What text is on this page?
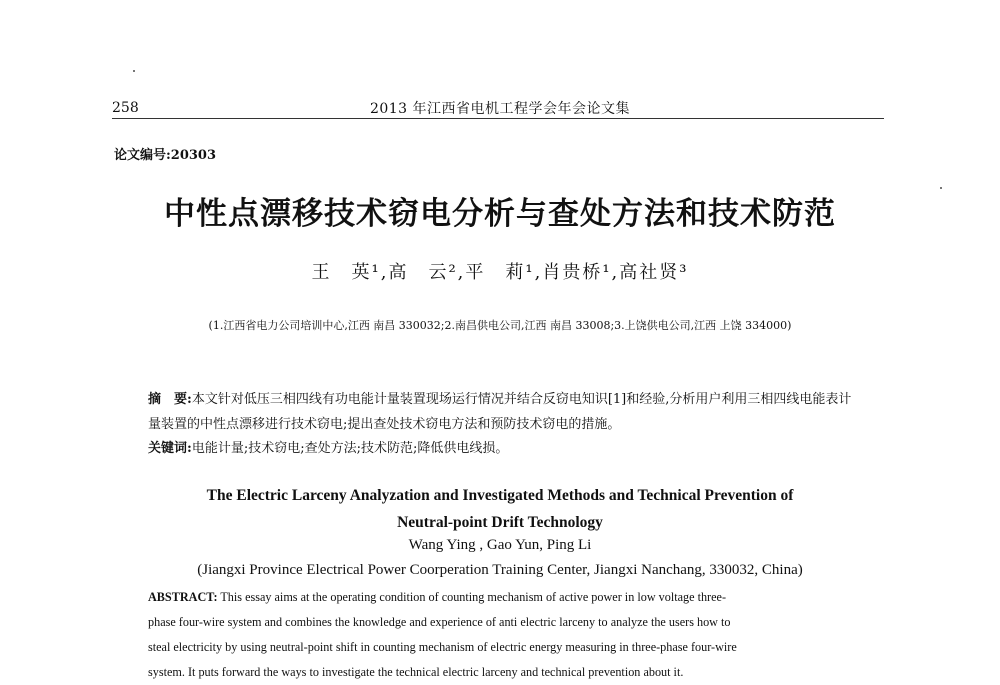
258	2013 年江西省电机工程学会年会论文集
论文编号:20303
中性点漂移技术窃电分析与查处方法和技术防范
王　英¹,高　云²,平　莉¹,肖贵桥¹,高社贤³
(1.江西省电力公司培训中心,江西 南昌 330032;2.南昌供电公司,江西 南昌 33008;3.上饶供电公司,江西 上饶 334000)
摘　要:本文针对低压三相四线有功电能计量装置现场运行情况并结合反窃电知识[1]和经验,分析用户利用三相四线电能表计量装置的中性点漂移进行技术窃电;提出查处技术窃电方法和预防技术窃电的措施。
关键词:电能计量;技术窃电;查处方法;技术防范;降低供电线损。
The Electric Larceny Analyzation and Investigated Methods and Technical Prevention of
Neutral-point Drift Technology
Wang Ying , Gao Yun, Ping Li
(Jiangxi Province Electrical Power Coorperation Training Center, Jiangxi Nanchang, 330032, China)
ABSTRACT: This essay aims at the operating condition of counting mechanism of active power in low voltage three-
phase four-wire system and combines the knowledge and experience of anti electric larceny to analyze the users how to
steal electricity by using neutral-point shift in counting mechanism of electric energy measuring in three-phase four-wire
system. It puts forward the ways to investigate the technical electric larceny and technical prevention about it.
